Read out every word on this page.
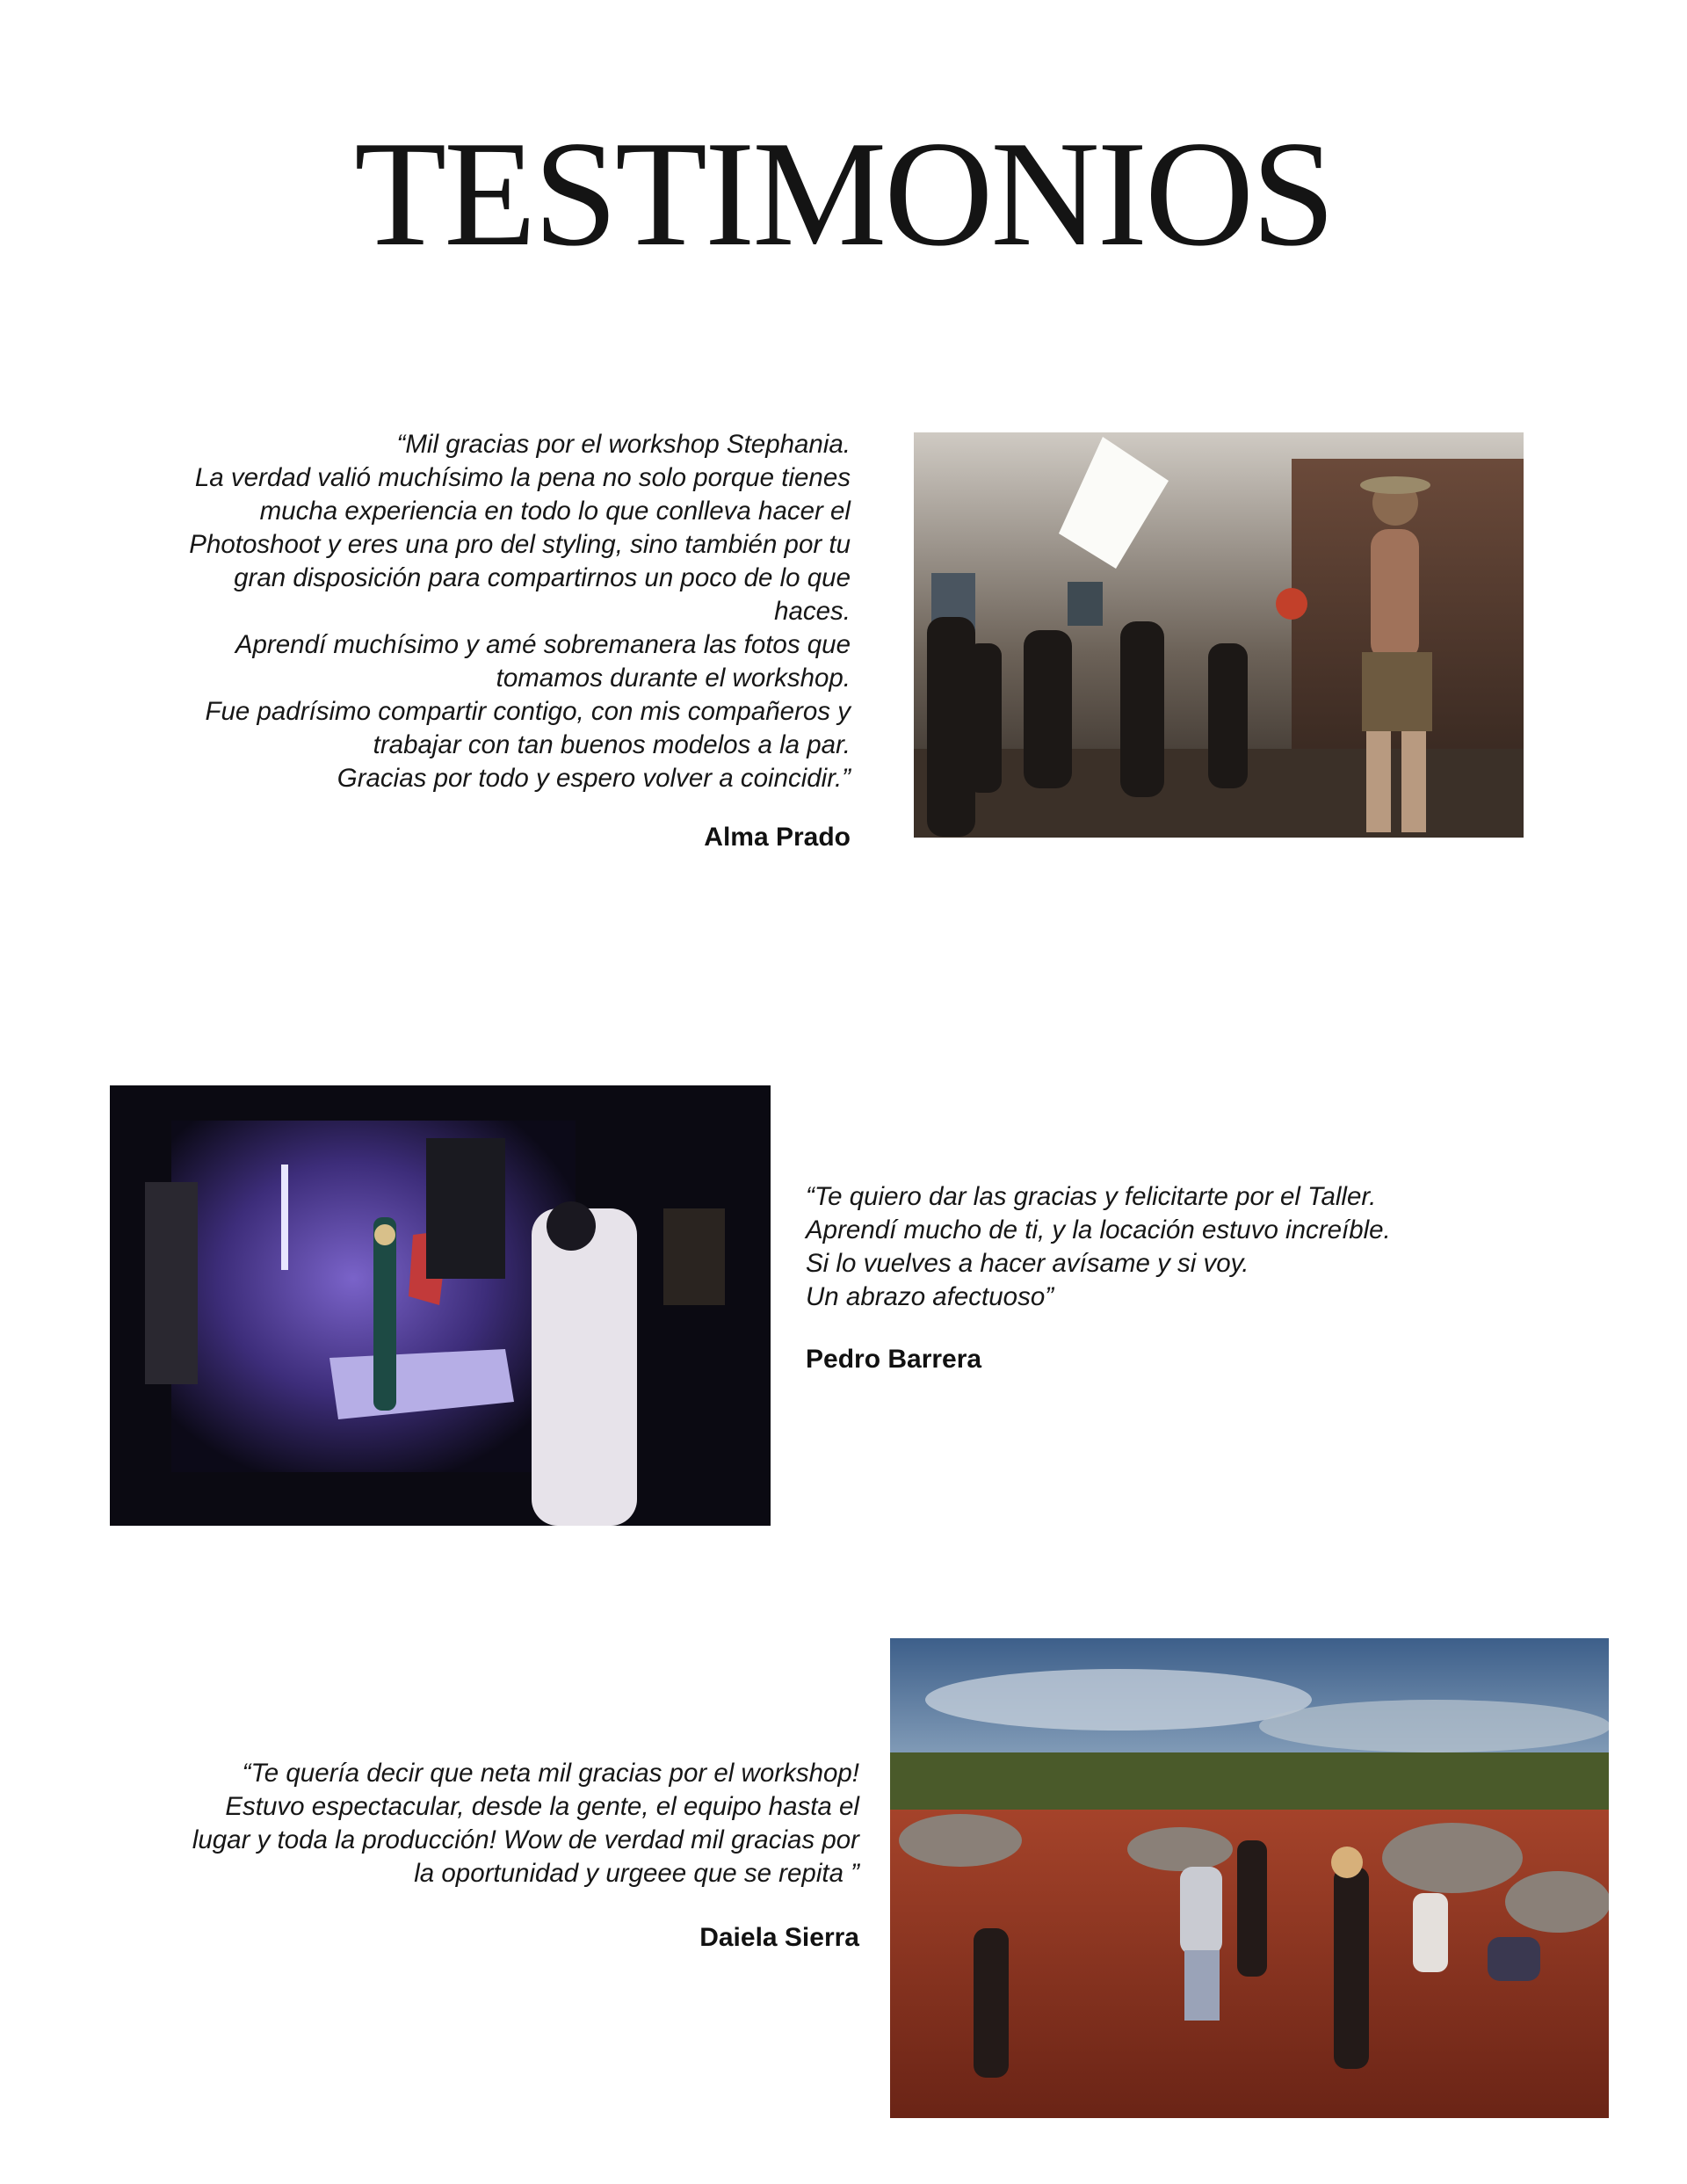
TESTIMONIOS
“Mil gracias por el workshop Stephania.
La verdad valió muchísimo la pena no solo porque tienes
mucha experiencia en todo lo que conlleva hacer el
Photoshoot y eres una pro del styling, sino también por tu
gran disposición para compartirnos un poco de lo que
haces.
Aprendí muchísimo y amé sobremanera las fotos que
tomamos durante el workshop.
Fue padrísimo compartir contigo, con mis compañeros y
trabajar con tan buenos modelos a la par.
Gracias por todo y espero volver a coincidir.”
Alma Prado
“Te quiero dar las gracias y felicitarte por el Taller.
Aprendí mucho de ti, y la locación estuvo increíble.
Si lo vuelves a hacer avísame y si voy.
Un abrazo afectuoso”
Pedro Barrera
“Te quería decir que neta mil gracias por el workshop!
Estuvo espectacular, desde la gente, el equipo hasta el
lugar y toda la producción! Wow de verdad mil gracias por
la oportunidad y urgeee que se repita ”
Daiela Sierra
